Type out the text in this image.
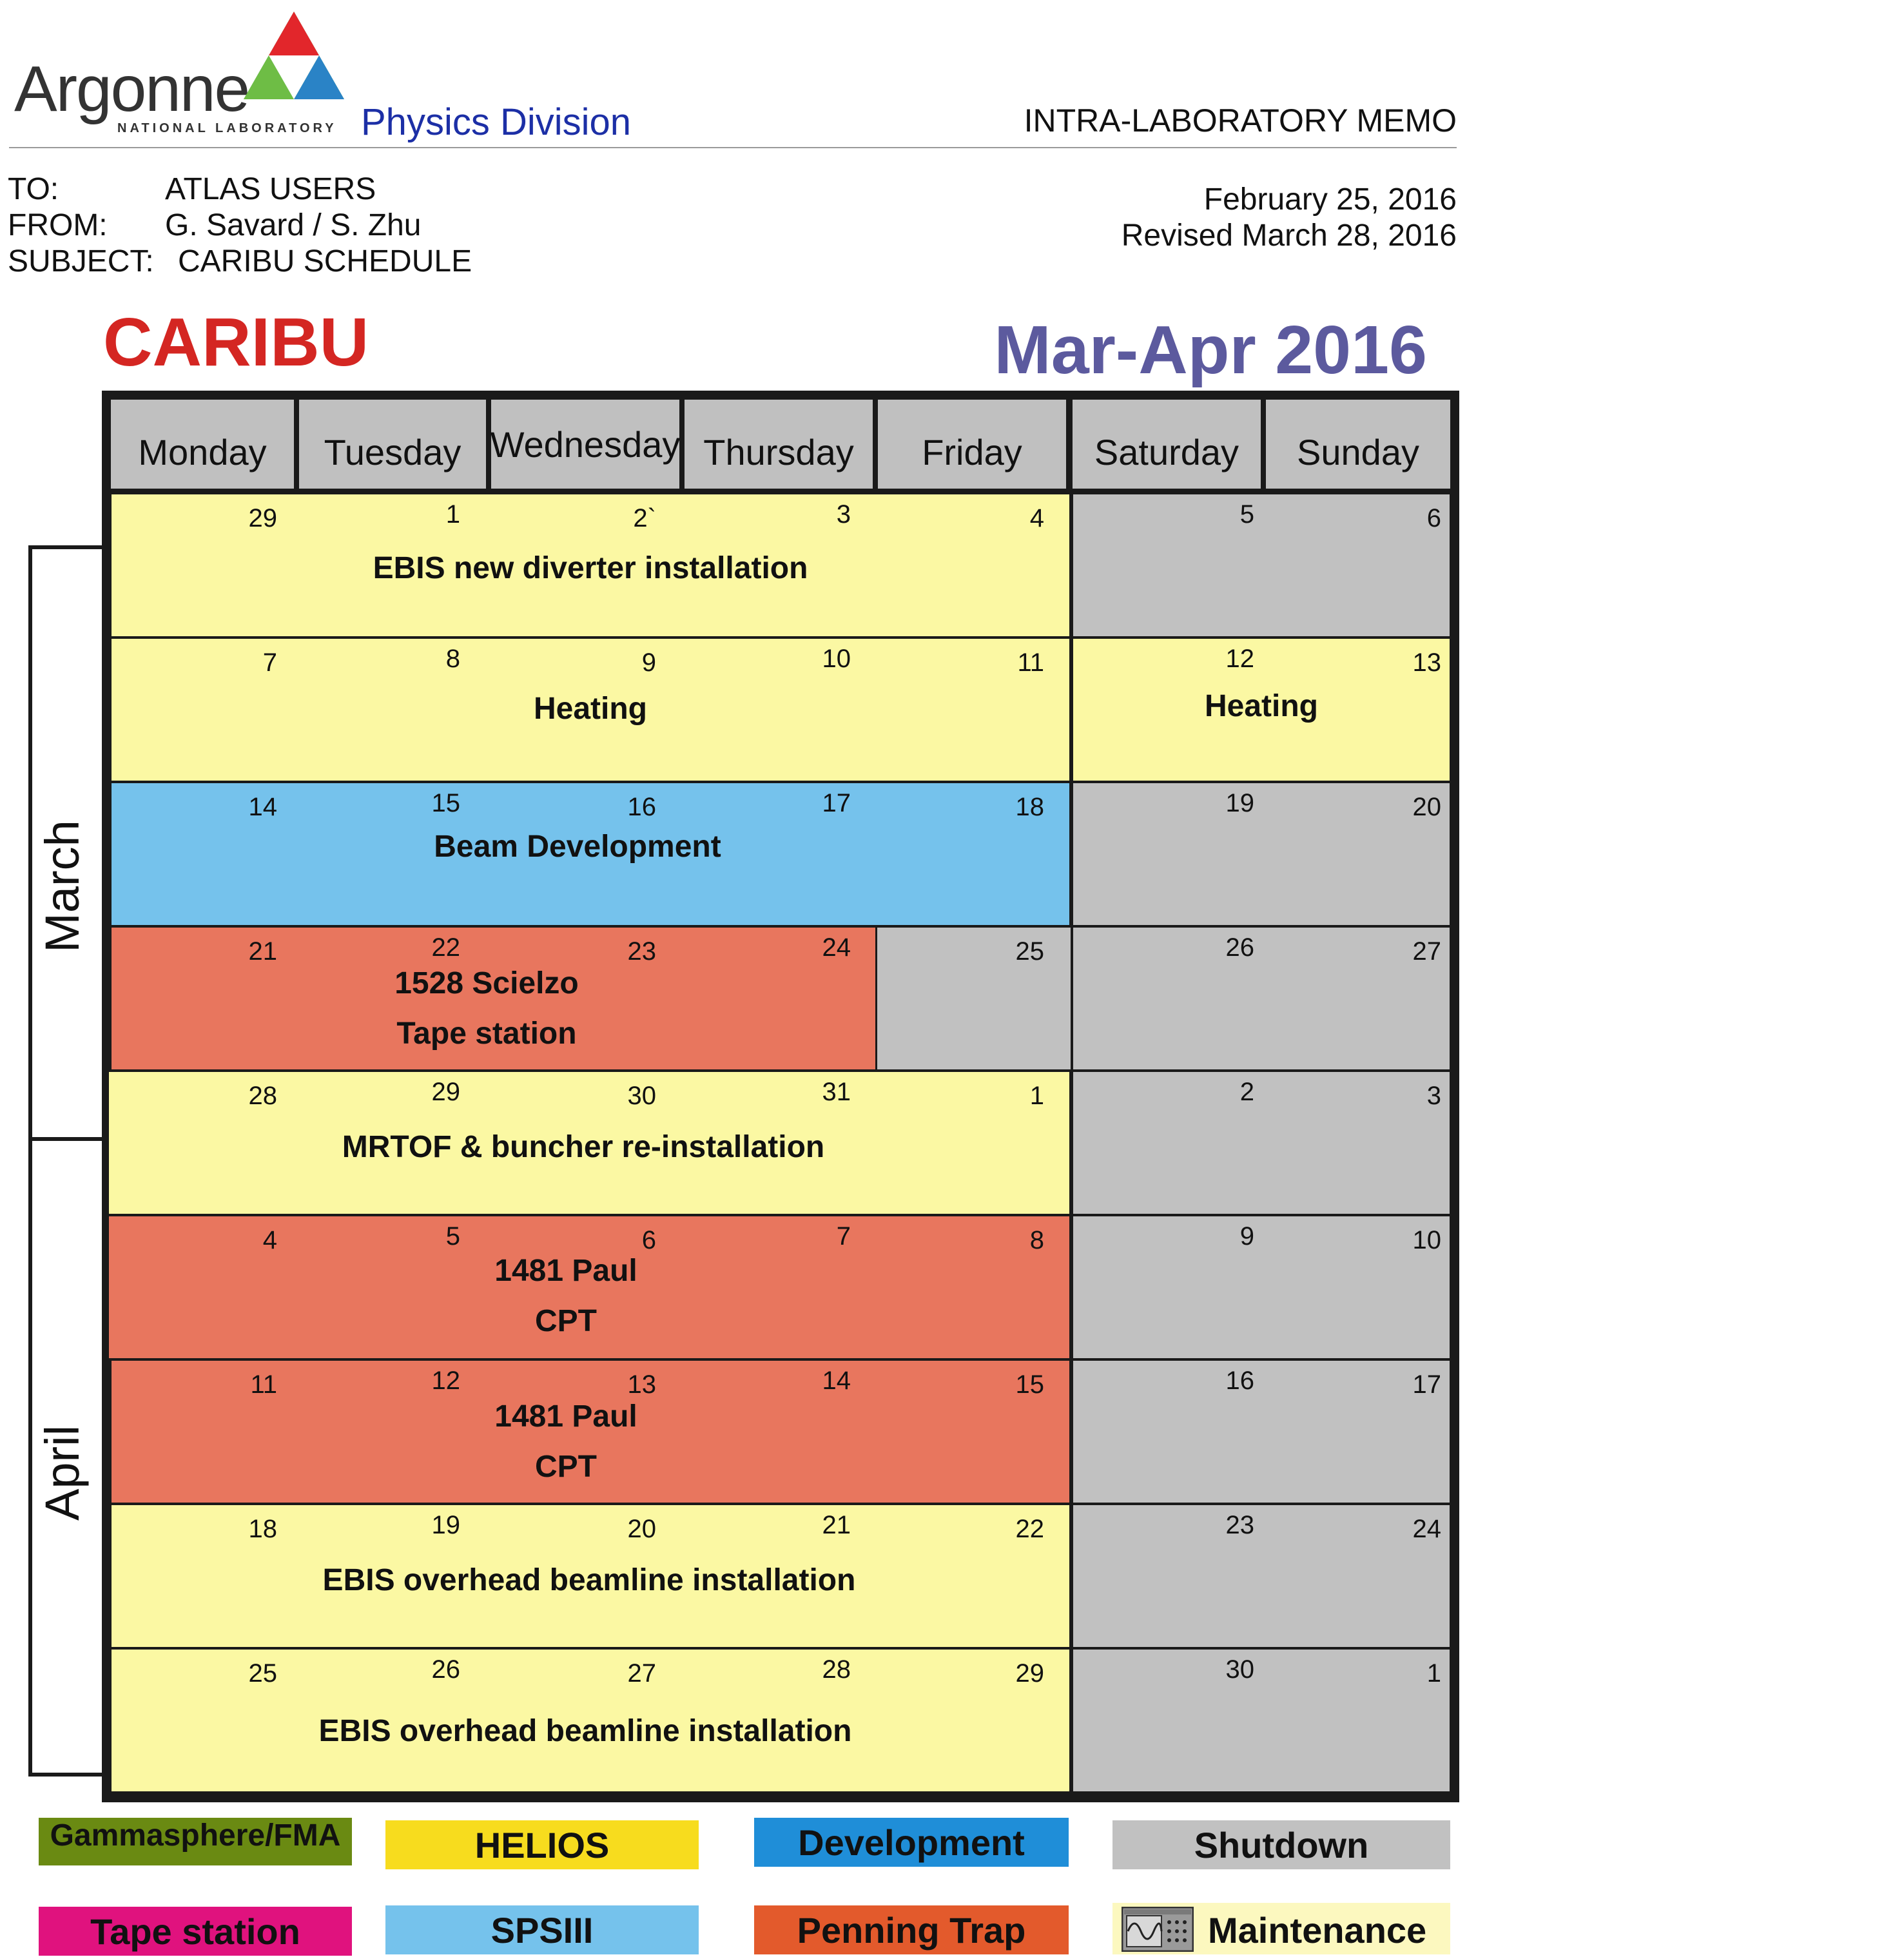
Argonne
NATIONAL LABORATORY Physics Division	INTRA-LABORATORY MEMO
TO:	ATLAS USERS
FROM: G. Savard / S. Zhu
SUBJECT: CARIBU SCHEDULE
February 25, 2016
Revised March 28, 2016
CARIBU	Mar-Apr 2016
March
April
Monday	Tuesday Wednesday Thursday	Friday	Saturday	Sunday
EBIS new diverter installation
Heating	Heating
Beam Development
1528 Scielzo
Tape station
MRTOF & buncher re-installation
1481 Paul
CPT
1481 Paul
CPT
EBIS overhead beamline installation
EBIS overhead beamline installation
29	1	2`	3	4	5	6
7	8	9	10	11	12	13
14	15	16	17	18	19	20
21	22	23	24	25	26	27
28	29	30	31	1	2	3
4	5	6	7	8	9	10
11	12	13	14	15	16	17
18	19	20	21	22	23	24
25	26	27	28	29	30	1
Gammasphere/FMA	HELIOS	Development	Shutdown
Tape station	SPSIII	Penning Trap	Maintenance
